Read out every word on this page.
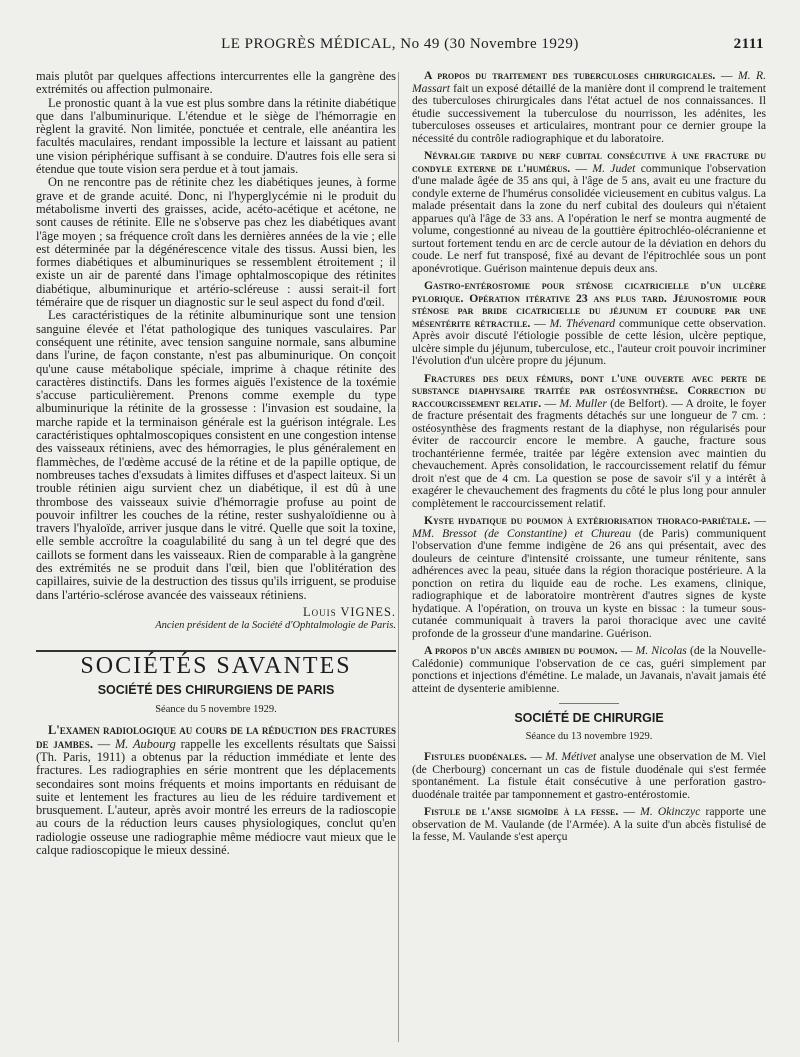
LE PROGRÈS MÉDICAL, No 49 (30 Novembre 1929)	2111

mais plutôt par quelques affections intercurrentes elle la gangrène des extrémités ou affection pulmonaire.

Le pronostic quant à la vue est plus sombre dans la rétinite diabétique que dans l'albuminurique. L'étendue et le siège de l'hémorragie en règlent la gravité. Non limitée, ponctuée et centrale, elle anéantira les facultés maculaires, rendant impossible la lecture et laissant au patient une vision périphérique suffisant à se conduire. D'autres fois elle sera si étendue que toute vision sera perdue et à tout jamais.

On ne rencontre pas de rétinite chez les diabétiques jeunes, à forme grave et de grande acuité. Donc, ni l'hyperglycémie ni le produit du métabolisme inverti des graisses, acide, acéto-acétique et acétone, ne sont causes de rétinite. Elle ne s'observe pas chez les diabétiques avant l'âge moyen ; sa fréquence croît dans les dernières années de la vie ; elle est déterminée par la dégénérescence vitale des tissus. Aussi bien, les formes diabétiques et albuminuriques se ressemblent étroitement ; il existe un air de parenté dans l'image ophtalmoscopique des rétinites diabétique, albuminurique et artério-scléreuse : aussi serait-il fort téméraire que de risquer un diagnostic sur le seul aspect du fond d'œil.

Les caractéristiques de la rétinite albuminurique sont une tension sanguine élevée et l'état pathologique des tuniques vasculaires. Par conséquent une rétinite, avec tension sanguine normale, sans albumine dans l'urine, de façon constante, n'est pas albuminurique. On conçoit qu'une cause métabolique spéciale, imprime à chaque rétinite des caractères distinctifs. Dans les formes aiguës l'existence de la toxémie s'accuse particulièrement. Prenons comme exemple du type albuminurique la rétinite de la grossesse : l'invasion est soudaine, la marche rapide et la terminaison générale est la guérison intégrale. Les caractéristiques ophtalmoscopiques consistent en une congestion intense des vaisseaux rétiniens, avec des hémorragies, le plus généralement en flammèches, de l'œdème accusé de la rétine et de la papille optique, de nombreuses taches d'exsudats à limites diffuses et d'aspect laiteux. Si un trouble rétinien aigu survient chez un diabétique, il est dû à une thrombose des vaisseaux suivie d'hémorragie profuse au point de pouvoir infiltrer les couches de la rétine, rester sushyaloïdienne ou à travers l'hyaloïde, arriver jusque dans le vitré. Quelle que soit la toxine, elle semble accroître la coagulabilité du sang à un tel degré que des caillots se forment dans les vaisseaux. Rien de comparable à la gangrène des extrémités ne se produit dans l'œil, bien que l'oblitération des capillaires, suivie de la destruction des tissus qu'ils irriguent, se produise dans l'artério-sclérose avancée des vaisseaux rétiniens.

Louis VIGNES.
Ancien président de la Société d'Ophtalmologie de Paris.
SOCIÉTÉS SAVANTES
SOCIÉTÉ DES CHIRURGIENS DE PARIS
Séance du 5 novembre 1929.

L'examen radiologique au cours de la réduction des fractures de jambes. — M. Aubourg rappelle les excellents résultats que Saissi (Th. Paris, 1911) a obtenus par la réduction immédiate et lente des fractures. Les radiographies en série montrent que les déplacements secondaires sont moins fréquents et moins importants en réduisant de suite et lentement les fractures au lieu de les réduire tardivement et brusquement. L'auteur, après avoir montré les erreurs de la radioscopie au cours de la réduction leurs causes physiologiques, conclut qu'en radiologie osseuse une radiographie même médiocre vaut mieux que le calque radioscopique le mieux dessiné.

A propos du traitement des tuberculoses chirurgicales. — M. R. Massart fait un exposé détaillé de la manière dont il comprend le traitement des tuberculoses chirurgicales dans l'état actuel de nos connaissances. Il étudie successivement la tuberculose du nourrisson, les adénites, les tuberculoses osseuses et articulaires, montrant pour ce dernier groupe la nécessité du contrôle radiographique et du laboratoire.

Névralgie tardive du nerf cubital consécutive à une fracture du condyle externe de l'humérus. — M. Judet communique l'observation d'une malade âgée de 35 ans qui, à l'âge de 5 ans, avait eu une fracture du condyle externe de l'humérus consolidée vicieusement en cubitus valgus. La malade présentait dans la zone du nerf cubital des douleurs qui n'étaient apparues qu'à l'âge de 33 ans. A l'opération le nerf se montra augmenté de volume, congestionné au niveau de la gouttière épitrochléo-olécranienne et surtout fortement tendu en arc de cercle autour de la déviation en dehors du coude. Le nerf fut transposé, fixé au devant de l'épitrochlée sous un pont aponévrotique. Guérison maintenue depuis deux ans.

Gastro-entérostomie pour sténose cicatricielle d'un ulcère pylorique. Opération itérative 23 ans plus tard. Jéjunostomie pour sténose par bride cicatricielle du jéjunum et coudure par une mésentérite rétractile. — M. Thévenard communique cette observation. Après avoir discuté l'étiologie possible de cette lésion, ulcère peptique, ulcère simple du jéjunum, tuberculose, etc., l'auteur croit pouvoir incriminer l'évolution d'un ulcère propre du jéjunum.

Fractures des deux fémurs, dont l'une ouverte avec perte de substance diaphysaire traitée par ostéosynthèse. Correction du raccourcissement relatif. — M. Muller (de Belfort). — A droite, le foyer de fracture présentait des fragments détachés sur une longueur de 7 cm. : ostéosynthèse des fragments restant de la diaphyse, non régularisés pour éviter de raccourcir encore le membre. A gauche, fracture sous trochantérienne fermée, traitée par légère extension avec maintien du chevauchement. Après consolidation, le raccourcissement relatif du fémur droit n'est que de 4 cm. La question se pose de savoir s'il y a intérêt à exagérer le chevauchement des fragments du côté le plus long pour annuler complètement le raccourcissement relatif.

Kyste hydatique du poumon à extériorisation thoraco-pariétale. — MM. Bressot (de Constantine) et Chureau (de Paris) communiquent l'observation d'une femme indigène de 26 ans qui présentait, avec des douleurs de ceinture d'intensité croissante, une tumeur rénitente, sans adhérences avec la peau, située dans la région thoracique postérieure. A la ponction on retira du liquide eau de roche. Les examens, clinique, radiographique et de laboratoire montrèrent d'autres signes de kyste hydatique. A l'opération, on trouva un kyste en bissac : la tumeur sous-cutanée communiquait à travers la paroi thoracique avec une cavité profonde de la grosseur d'une mandarine. Guérison.

A propos d'un abcès amibien du poumon. — M. Nicolas (de la Nouvelle-Calédonie) communique l'observation de ce cas, guéri simplement par ponctions et injections d'émétine. Le malade, un Javanais, n'avait jamais été atteint de dysenterie amibienne.

SOCIÉTÉ DE CHIRURGIE
Séance du 13 novembre 1929.

Fistules duodénales. — M. Métivet analyse une observation de M. Viel (de Cherbourg) concernant un cas de fistule duodénale qui s'est fermée spontanément. La fistule était consécutive à une perforation gastro-duodénale traitée par tamponnement et gastro-entérostomie.

Fistule de l'anse sigmoïde à la fesse. — M. Okinczyc rapporte une observation de M. Vaulande (de l'Armée). A la suite d'un abcès fistulisé de la fesse, M. Vaulande s'est aperçu
